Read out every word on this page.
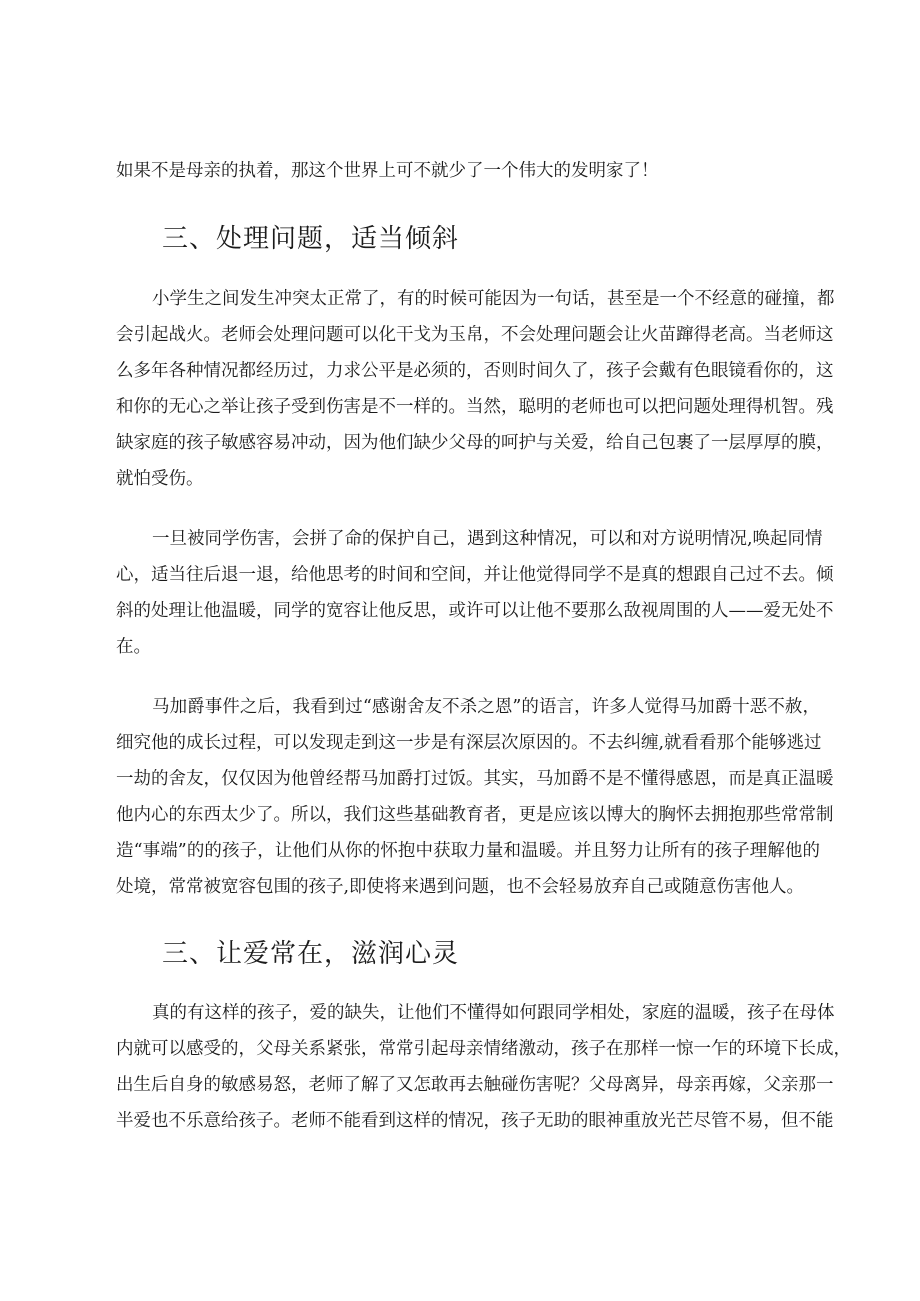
如果不是母亲的执着，那这个世界上可不就少了一个伟大的发明家了！
三、处理问题，适当倾斜
小学生之间发生冲突太正常了，有的时候可能因为一句话，甚至是一个不经意的碰撞，都
会引起战火。老师会处理问题可以化干戈为玉帛，不会处理问题会让火苗蹿得老高。当老师这
么多年各种情况都经历过，力求公平是必须的，否则时间久了，孩子会戴有色眼镜看你的，这
和你的无心之举让孩子受到伤害是不一样的。当然，聪明的老师也可以把问题处理得机智。残
缺家庭的孩子敏感容易冲动，因为他们缺少父母的呵护与关爱，给自己包裹了一层厚厚的膜，
就怕受伤。
一旦被同学伤害，会拼了命的保护自己，遇到这种情况，可以和对方说明情况,唤起同情
心，适当往后退一退，给他思考的时间和空间，并让他觉得同学不是真的想跟自己过不去。倾
斜的处理让他温暖，同学的宽容让他反思，或许可以让他不要那么敌视周围的人——爱无处不
在。
马加爵事件之后，我看到过“感谢舍友不杀之恩”的语言，许多人觉得马加爵十恶不赦，
细究他的成长过程，可以发现走到这一步是有深层次原因的。不去纠缠,就看看那个能够逃过
一劫的舍友，仅仅因为他曾经帮马加爵打过饭。其实，马加爵不是不懂得感恩，而是真正温暖
他内心的东西太少了。所以，我们这些基础教育者，更是应该以博大的胸怀去拥抱那些常常制
造“事端”的的孩子，让他们从你的怀抱中获取力量和温暖。并且努力让所有的孩子理解他的
处境，常常被宽容包围的孩子,即使将来遇到问题，也不会轻易放弃自己或随意伤害他人。
三、让爱常在，滋润心灵
真的有这样的孩子，爱的缺失，让他们不懂得如何跟同学相处，家庭的温暖，孩子在母体
内就可以感受的，父母关系紧张，常常引起母亲情绪激动，孩子在那样一惊一乍的环境下长成，
出生后自身的敏感易怒，老师了解了又怎敢再去触碰伤害呢？父母离异，母亲再嫁，父亲那一
半爱也不乐意给孩子。老师不能看到这样的情况，孩子无助的眼神重放光芒尽管不易，但不能
